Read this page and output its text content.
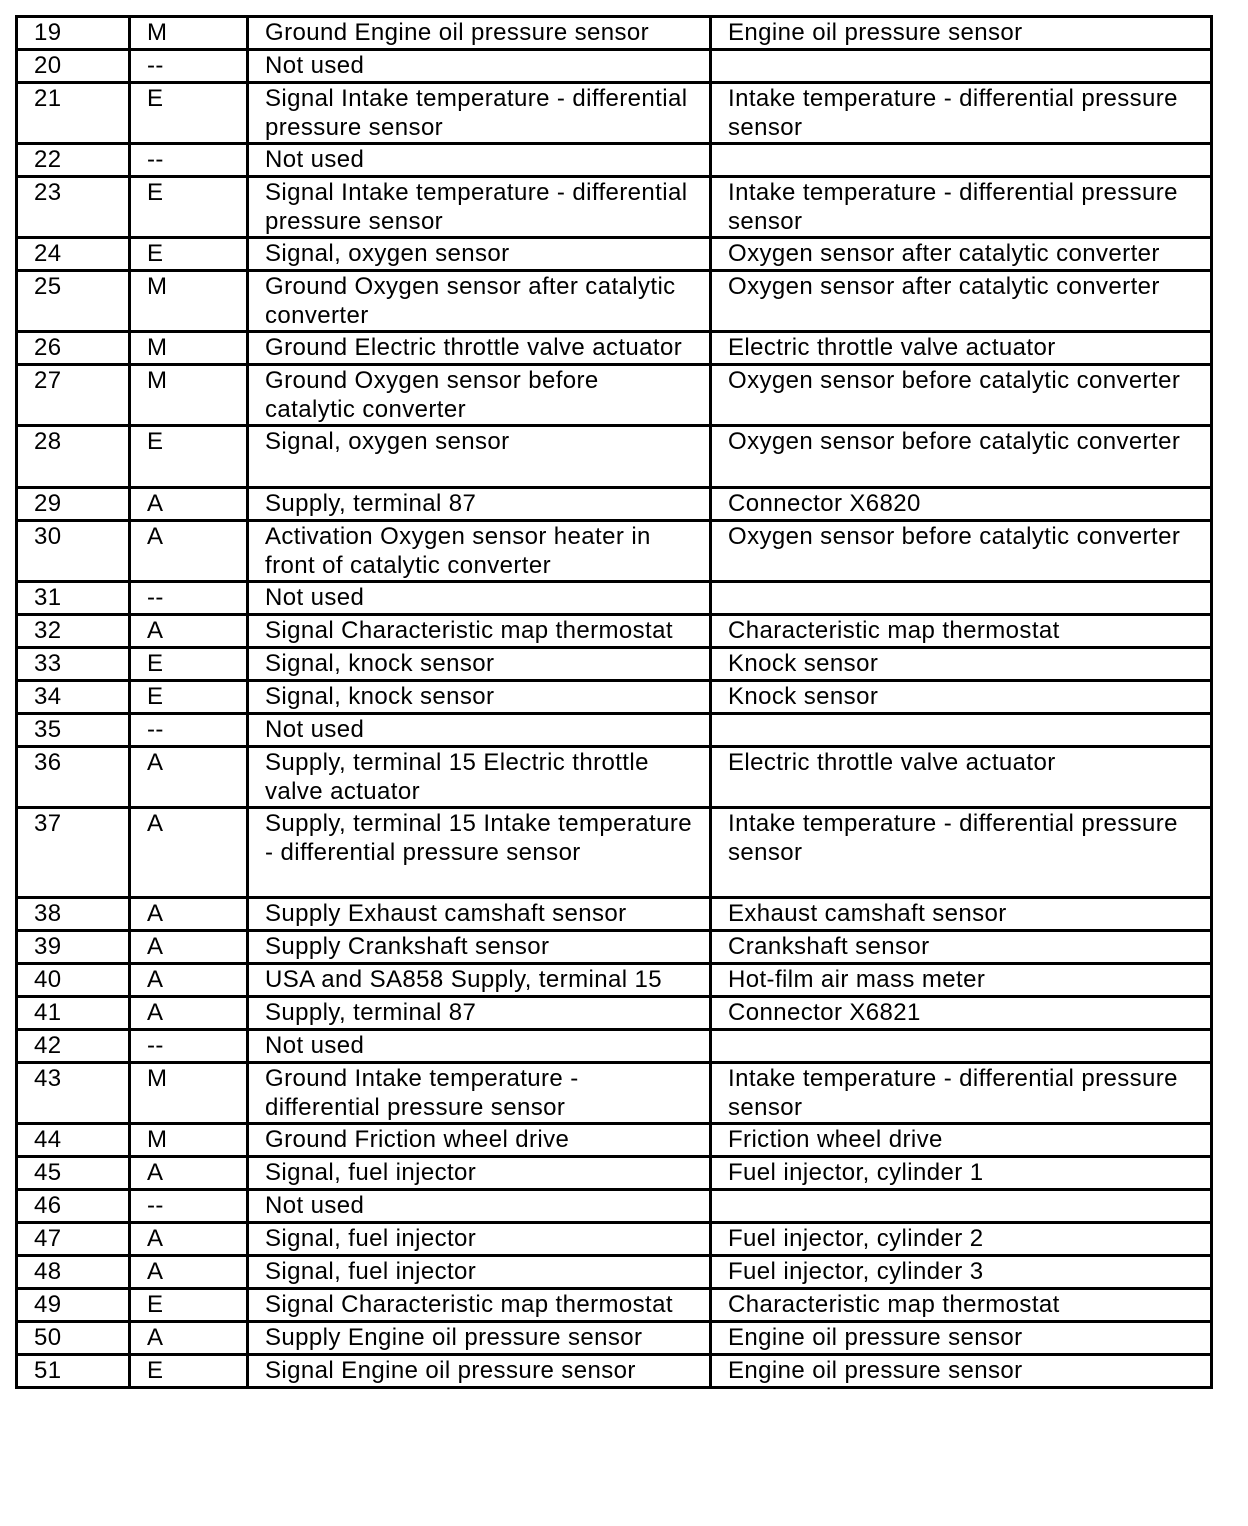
19	M	Ground Engine oil pressure sensor	Engine oil pressure sensor
20	--	Not used	
21	E	Signal Intake temperature - differential pressure sensor	Intake temperature - differential pressure sensor
22	--	Not used	
23	E	Signal Intake temperature - differential pressure sensor	Intake temperature - differential pressure sensor
24	E	Signal, oxygen sensor	Oxygen sensor after catalytic converter
25	M	Ground Oxygen sensor after catalytic converter	Oxygen sensor after catalytic converter
26	M	Ground Electric throttle valve actuator	Electric throttle valve actuator
27	M	Ground Oxygen sensor before catalytic converter	Oxygen sensor before catalytic converter
28	E	Signal, oxygen sensor	Oxygen sensor before catalytic converter
29	A	Supply, terminal 87	Connector X6820
30	A	Activation Oxygen sensor heater in front of catalytic converter	Oxygen sensor before catalytic converter
31	--	Not used	
32	A	Signal Characteristic map thermostat	Characteristic map thermostat
33	E	Signal, knock sensor	Knock sensor
34	E	Signal, knock sensor	Knock sensor
35	--	Not used	
36	A	Supply, terminal 15 Electric throttle valve actuator	Electric throttle valve actuator
37	A	Supply, terminal 15 Intake temperature - differential pressure sensor	Intake temperature - differential pressure sensor
38	A	Supply Exhaust camshaft sensor	Exhaust camshaft sensor
39	A	Supply Crankshaft sensor	Crankshaft sensor
40	A	USA and SA858 Supply, terminal 15	Hot-film air mass meter
41	A	Supply, terminal 87	Connector X6821
42	--	Not used	
43	M	Ground Intake temperature - differential pressure sensor	Intake temperature - differential pressure sensor
44	M	Ground Friction wheel drive	Friction wheel drive
45	A	Signal, fuel injector	Fuel injector, cylinder 1
46	--	Not used	
47	A	Signal, fuel injector	Fuel injector, cylinder 2
48	A	Signal, fuel injector	Fuel injector, cylinder 3
49	E	Signal Characteristic map thermostat	Characteristic map thermostat
50	A	Supply Engine oil pressure sensor	Engine oil pressure sensor
51	E	Signal Engine oil pressure sensor	Engine oil pressure sensor
